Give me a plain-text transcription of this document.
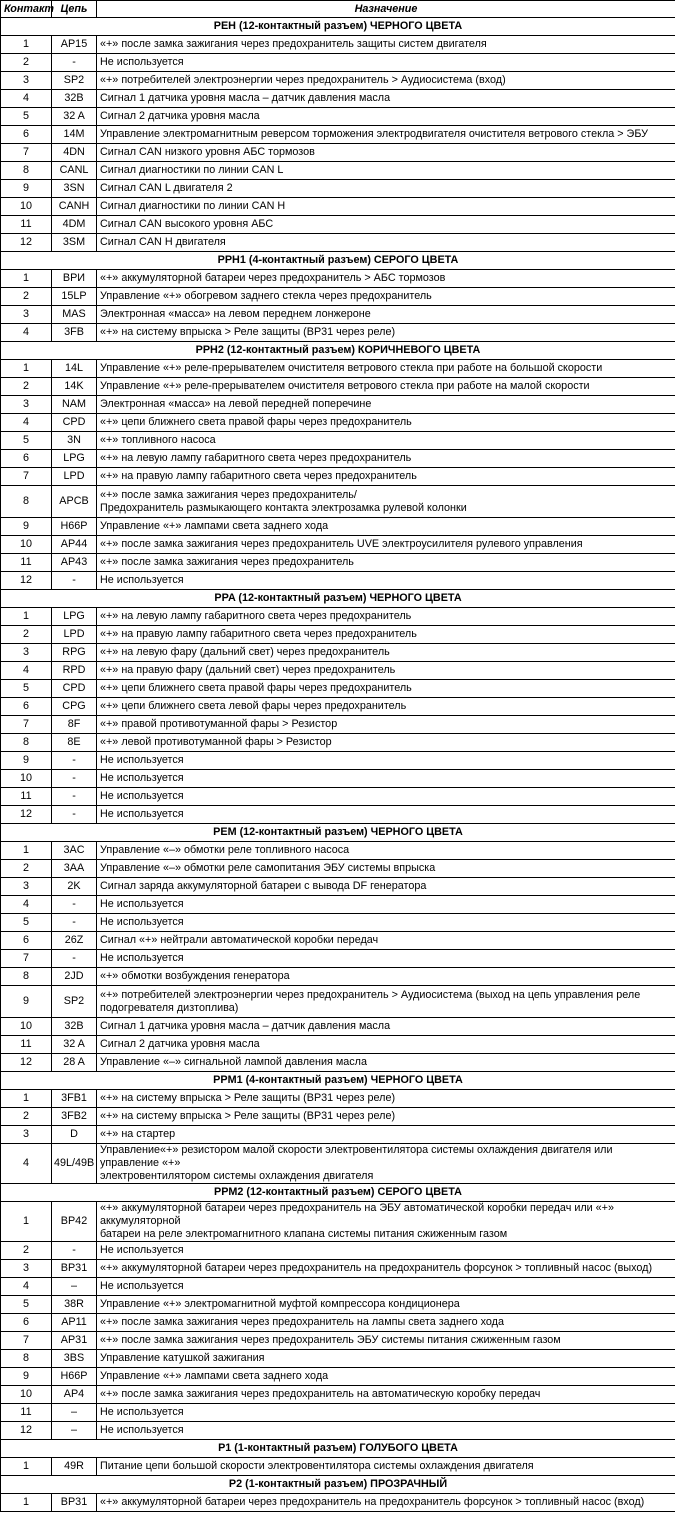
Контакт	Цепь	Назначение
PEH (12-контактный разъем) ЧЕРНОГО ЦВЕТА		
1	AP15	«+» после замка зажигания через предохранитель защиты систем двигателя
2	-	Не используется
3	SP2	«+» потребителей электроэнергии через предохранитель > Аудиосистема (вход)
4	32B	Сигнал 1 датчика уровня масла – датчик давления масла
5	32 A	Сигнал 2 датчика уровня масла
6	14M	Управление электромагнитным реверсом торможения электродвигателя очистителя ветрового стекла > ЭБУ
7	4DN	Сигнал CAN низкого уровня АБС тормозов
8	CANL	Сигнал диагностики по линии CAN L
9	3SN	Сигнал CAN L двигателя 2
10	CANH	Сигнал диагностики по линии CAN H
11	4DM	Сигнал CAN высокого уровня АБС
12	3SM	Сигнал CAN H двигателя
PPH1 (4-контактный разъем) СЕРОГО ЦВЕТА		
1	BPИ	«+» аккумуляторной батареи через предохранитель > АБС тормозов
2	15LP	Управление «+» обогревом заднего стекла через предохранитель
3	MAS	Электронная «масса» на левом переднем лонжероне
4	3FB	«+» на систему впрыска > Реле защиты (BP31 через реле)
PPH2 (12-контактный разъем) КОРИЧНЕВОГО ЦВЕТА		
1	14L	Управление «+» реле-прерывателем очистителя ветрового стекла при работе на большой скорости
2	14K	Управление «+» реле-прерывателем очистителя ветрового стекла при работе на малой скорости
3	NAM	Электронная «масса» на левой передней поперечине
4	CPD	«+» цепи ближнего света правой фары через предохранитель
5	3N	«+» топливного насоса
6	LPG	«+» на левую лампу габаритного света через предохранитель
7	LPD	«+» на правую лампу габаритного света через предохранитель
8	APCB	«+» после замка зажигания через предохранитель/
Предохранитель размыкающего контакта электрозамка рулевой колонки
9	H66P	Управление «+» лампами света заднего хода
10	AP44	«+» после замка зажигания через предохранитель UVE электроусилителя рулевого управления
11	AP43	«+» после замка зажигания через предохранитель
12	-	Не используется
PPA (12-контактный разъем) ЧЕРНОГО ЦВЕТА		
1	LPG	«+» на левую лампу габаритного света через предохранитель
2	LPD	«+» на правую лампу габаритного света через предохранитель
3	RPG	«+» на левую фару (дальний свет) через предохранитель
4	RPD	«+» на правую фару (дальний свет) через предохранитель
5	CPD	«+» цепи ближнего света правой фары через предохранитель
6	CPG	«+» цепи ближнего света левой фары через предохранитель
7	8F	«+» правой противотуманной фары > Резистор
8	8E	«+» левой противотуманной фары > Резистор
9	-	Не используется
10	-	Не используется
11	-	Не используется
12	-	Не используется
PEM (12-контактный разъем) ЧЕРНОГО ЦВЕТА		
1	3AC	Управление «–» обмотки реле топливного насоса
2	3AA	Управление «–» обмотки реле самопитания ЭБУ системы впрыска
3	2K	Сигнал заряда аккумуляторной батареи с вывода DF генератора
4	-	Не используется
5	-	Не используется
6	26Z	Сигнал «+» нейтрали автоматической коробки передач
7	-	Не используется
8	2JD	«+» обмотки возбуждения генератора
9	SP2	«+» потребителей электроэнергии через предохранитель > Аудиосистема (выход на цепь управления реле
подогревателя дизтоплива)
10	32B	Сигнал 1 датчика уровня масла – датчик давления масла
11	32 A	Сигнал 2 датчика уровня масла
12	28 A	Управление «–» сигнальной лампой давления масла
PPM1 (4-контактный разъем) ЧЕРНОГО ЦВЕТА		
1	3FB1	«+» на систему впрыска > Реле защиты (BP31 через реле)
2	3FB2	«+» на систему впрыска > Реле защиты (BP31 через реле)
3	D	«+» на стартер
4	49L/49B	Управление«+» резистором малой скорости электровентилятора системы охлаждения двигателя или управление «+»
электровентилятором системы охлаждения двигателя
PPM2 (12-контактный разъем) СЕРОГО ЦВЕТА		
1	BP42	«+» аккумуляторной батареи через предохранитель на ЭБУ автоматической коробки передач или «+» аккумуляторной
батареи на реле электромагнитного клапана системы питания сжиженным газом
2	-	Не используется
3	BP31	«+» аккумуляторной батареи через предохранитель на предохранитель форсунок > топливный насос (выход)
4	–	Не используется
5	38R	Управление «+» электромагнитной муфтой компрессора кондиционера
6	AP11	«+» после замка зажигания через предохранитель на лампы света заднего хода
7	AP31	«+» после замка зажигания через предохранитель ЭБУ системы питания сжиженным газом
8	3BS	Управление катушкой зажигания
9	H66P	Управление «+» лампами света заднего хода
10	AP4	«+» после замка зажигания через предохранитель на автоматическую коробку передач
11	–	Не используется
12	–	Не используется
P1 (1-контактный разъем) ГОЛУБОГО ЦВЕТА		
1	49R	Питание цепи большой скорости электровентилятора системы охлаждения двигателя
P2 (1-контактный разъем) ПРОЗРАЧНЫЙ		
1	BP31	«+» аккумуляторной батареи через предохранитель на предохранитель форсунок > топливный насос (вход)
